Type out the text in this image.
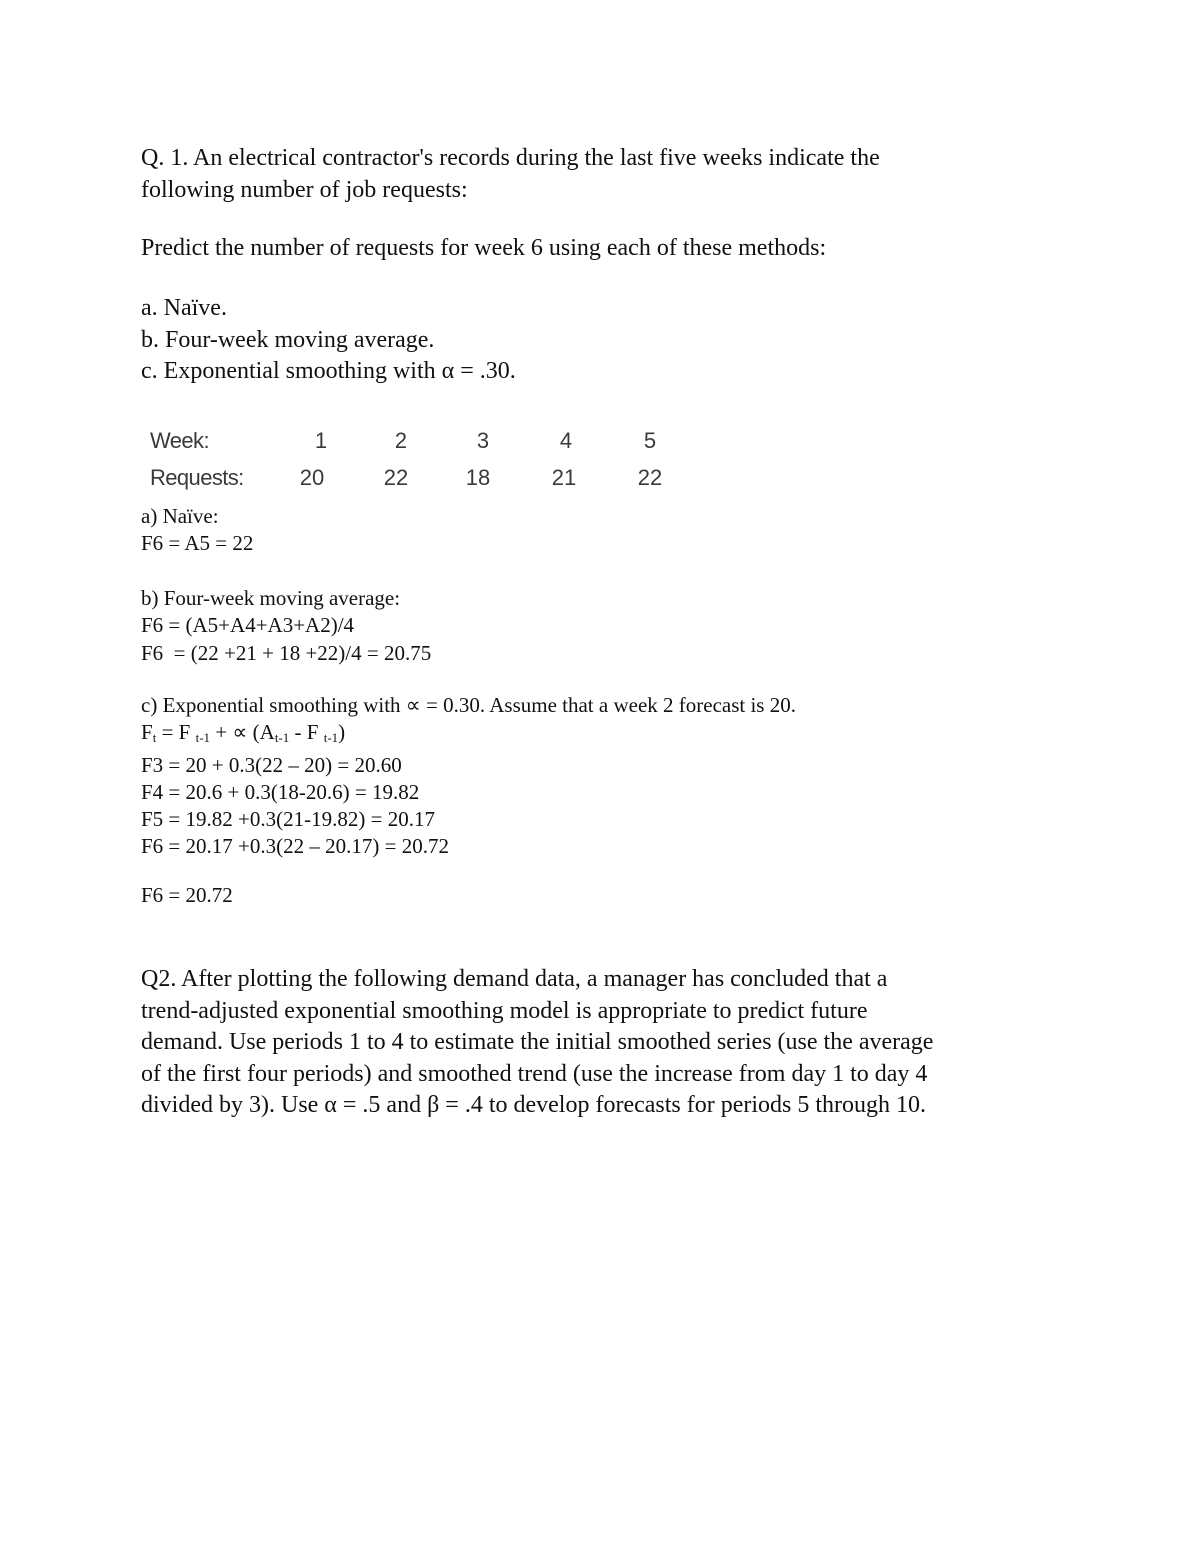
Q. 1. An electrical contractor's records during the last five weeks indicate the
following number of job requests:
Predict the number of requests for week 6 using each of these methods:
a. Naïve.
b. Four-week moving average.
c. Exponential smoothing with α = .30.
Week:	1	2	3	4	5
Requests:	20	22	18	21	22
a) Naïve:
F6 = A5 = 22
b) Four-week moving average:
F6 = (A5+A4+A3+A2)/4
F6  = (22 +21 + 18 +22)/4 = 20.75
c) Exponential smoothing with ∝ = 0.30. Assume that a week 2 forecast is 20.
$F_t = F$ $_{t-1}$ + ∝ ($A_{t-1}$ - F $_{t-1}$)
F3 = 20 + 0.3(22 – 20) = 20.60
F4 = 20.6 + 0.3(18-20.6) = 19.82
F5 = 19.82 +0.3(21-19.82) = 20.17
F6 = 20.17 +0.3(22 – 20.17) = 20.72
F6 = 20.72
Q2. After plotting the following demand data, a manager has concluded that a
trend-adjusted exponential smoothing model is appropriate to predict future
demand. Use periods 1 to 4 to estimate the initial smoothed series (use the average
of the first four periods) and smoothed trend (use the increase from day 1 to day 4
divided by 3). Use α = .5 and β = .4 to develop forecasts for periods 5 through 10.
